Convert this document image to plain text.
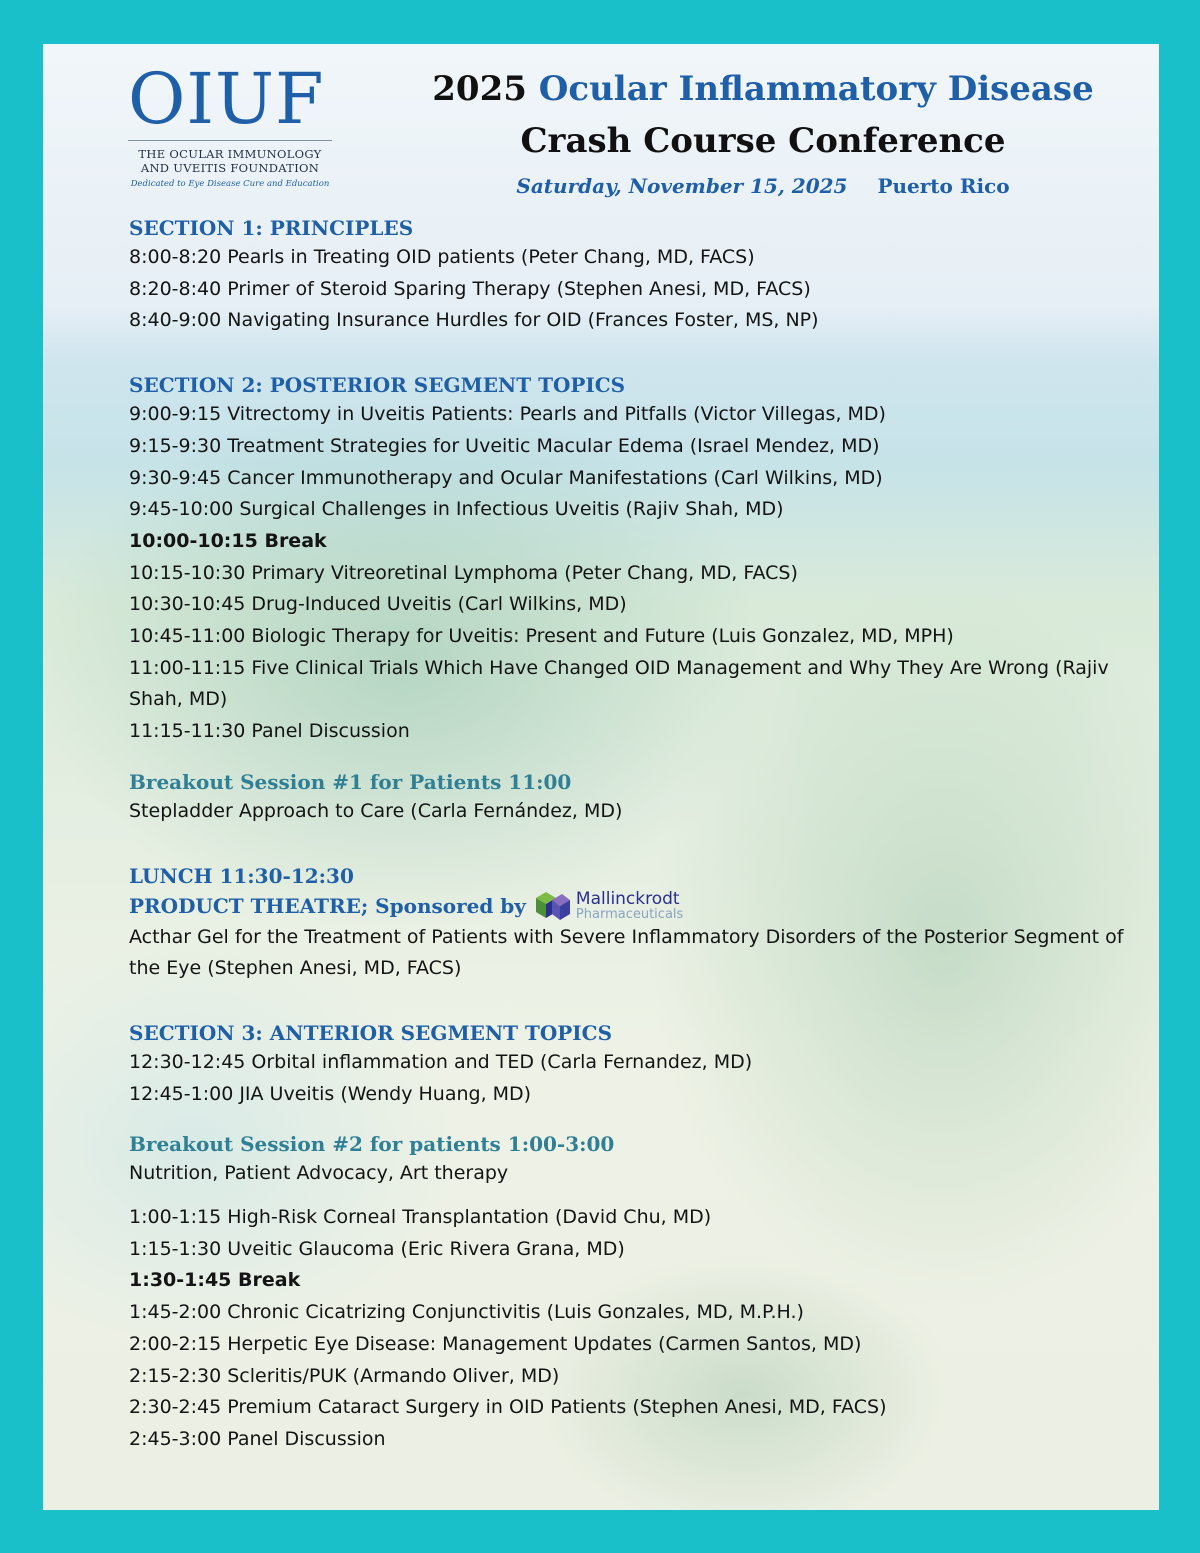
OIUF
THE OCULAR IMMUNOLOGY
AND UVEITIS FOUNDATION
Dedicated to Eye Disease Cure and Education
2025 Ocular Inflammatory Disease
Crash Course Conference
Saturday, November 15, 2025 Puerto Rico

SECTION 1: PRINCIPLES

8:00-8:20 Pearls in Treating OID patients (Peter Chang, MD, FACS)

8:20-8:40 Primer of Steroid Sparing Therapy (Stephen Anesi, MD, FACS)

8:40-9:00 Navigating Insurance Hurdles for OID (Frances Foster, MS, NP)

SECTION 2: POSTERIOR SEGMENT TOPICS

9:00-9:15 Vitrectomy in Uveitis Patients: Pearls and Pitfalls (Victor Villegas, MD)

9:15-9:30 Treatment Strategies for Uveitic Macular Edema (Israel Mendez, MD)

9:30-9:45 Cancer Immunotherapy and Ocular Manifestations (Carl Wilkins, MD)

9:45-10:00 Surgical Challenges in Infectious Uveitis (Rajiv Shah, MD)

10:00-10:15 Break

10:15-10:30 Primary Vitreoretinal Lymphoma (Peter Chang, MD, FACS)

10:30-10:45 Drug-Induced Uveitis (Carl Wilkins, MD)

10:45-11:00 Biologic Therapy for Uveitis: Present and Future (Luis Gonzalez, MD, MPH)

11:00-11:15 Five Clinical Trials Which Have Changed OID Management and Why They Are Wrong (Rajiv Shah, MD)

11:15-11:30 Panel Discussion

Breakout Session #1 for Patients 11:00

Stepladder Approach to Care (Carla Fernández, MD)

LUNCH 11:30-12:30

PRODUCT THEATRE; Sponsored by	Mallinckrodt
Pharmaceuticals

Acthar Gel for the Treatment of Patients with Severe Inflammatory Disorders of the Posterior Segment of the Eye (Stephen Anesi, MD, FACS)

SECTION 3: ANTERIOR SEGMENT TOPICS

12:30-12:45 Orbital inflammation and TED (Carla Fernandez, MD)

12:45-1:00 JIA Uveitis (Wendy Huang, MD)

Breakout Session #2 for patients 1:00-3:00

Nutrition, Patient Advocacy, Art therapy

1:00-1:15 High-Risk Corneal Transplantation (David Chu, MD)

1:15-1:30 Uveitic Glaucoma (Eric Rivera Grana, MD)

1:30-1:45 Break

1:45-2:00 Chronic Cicatrizing Conjunctivitis (Luis Gonzales, MD, M.P.H.)

2:00-2:15 Herpetic Eye Disease: Management Updates (Carmen Santos, MD)

2:15-2:30 Scleritis/PUK (Armando Oliver, MD)

2:30-2:45 Premium Cataract Surgery in OID Patients (Stephen Anesi, MD, FACS)

2:45-3:00 Panel Discussion
